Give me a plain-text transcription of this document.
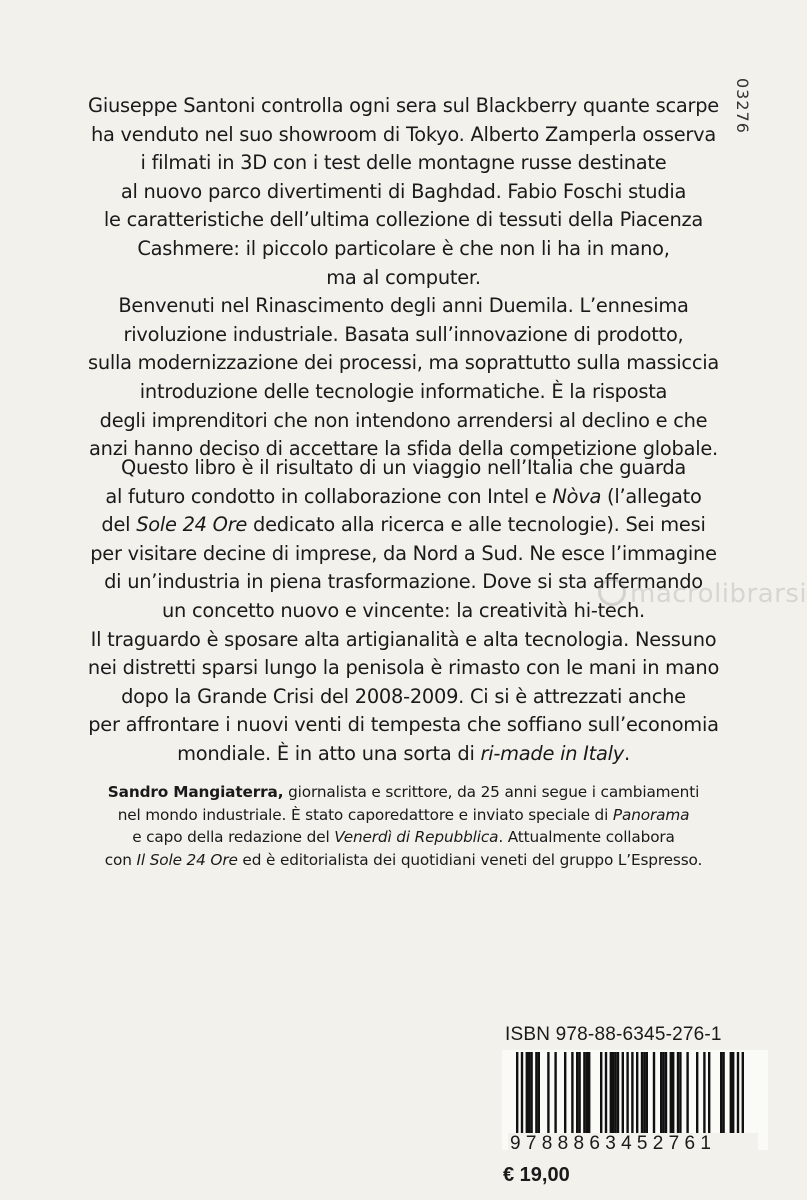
03276
Giuseppe Santoni controlla ogni sera sul Blackberry quante scarpe
ha venduto nel suo showroom di Tokyo. Alberto Zamperla osserva
i filmati in 3D con i test delle montagne russe destinate
al nuovo parco divertimenti di Baghdad. Fabio Foschi studia
le caratteristiche dell’ultima collezione di tessuti della Piacenza
Cashmere: il piccolo particolare è che non li ha in mano,
ma al computer.
Benvenuti nel Rinascimento degli anni Duemila. L’ennesima
rivoluzione industriale. Basata sull’innovazione di prodotto,
sulla modernizzazione dei processi, ma soprattutto sulla massiccia
introduzione delle tecnologie informatiche. È la risposta
degli imprenditori che non intendono arrendersi al declino e che
anzi hanno deciso di accettare la sfida della competizione globale.
Questo libro è il risultato di un viaggio nell’Italia che guarda
al futuro condotto in collaborazione con Intel e Nòva (l’allegato
del Sole 24 Ore dedicato alla ricerca e alle tecnologie). Sei mesi
per visitare decine di imprese, da Nord a Sud. Ne esce l’immagine
di un’industria in piena trasformazione. Dove si sta affermando
un concetto nuovo e vincente: la creatività hi-tech.
Il traguardo è sposare alta artigianalità e alta tecnologia. Nessuno
nei distretti sparsi lungo la penisola è rimasto con le mani in mano
dopo la Grande Crisi del 2008-2009. Ci si è attrezzati anche
per affrontare i nuovi venti di tempesta che soffiano sull’economia
mondiale. È in atto una sorta di ri-made in Italy.
macrolibrarsi
Sandro Mangiaterra, giornalista e scrittore, da 25 anni segue i cambiamenti
nel mondo industriale. È stato caporedattore e inviato speciale di Panorama
e capo della redazione del Venerdì di Repubblica. Attualmente collabora
con Il Sole 24 Ore ed è editorialista dei quotidiani veneti del gruppo L’Espresso.
ISBN 978-88-6345-276-1
9788863452761
€ 19,00
